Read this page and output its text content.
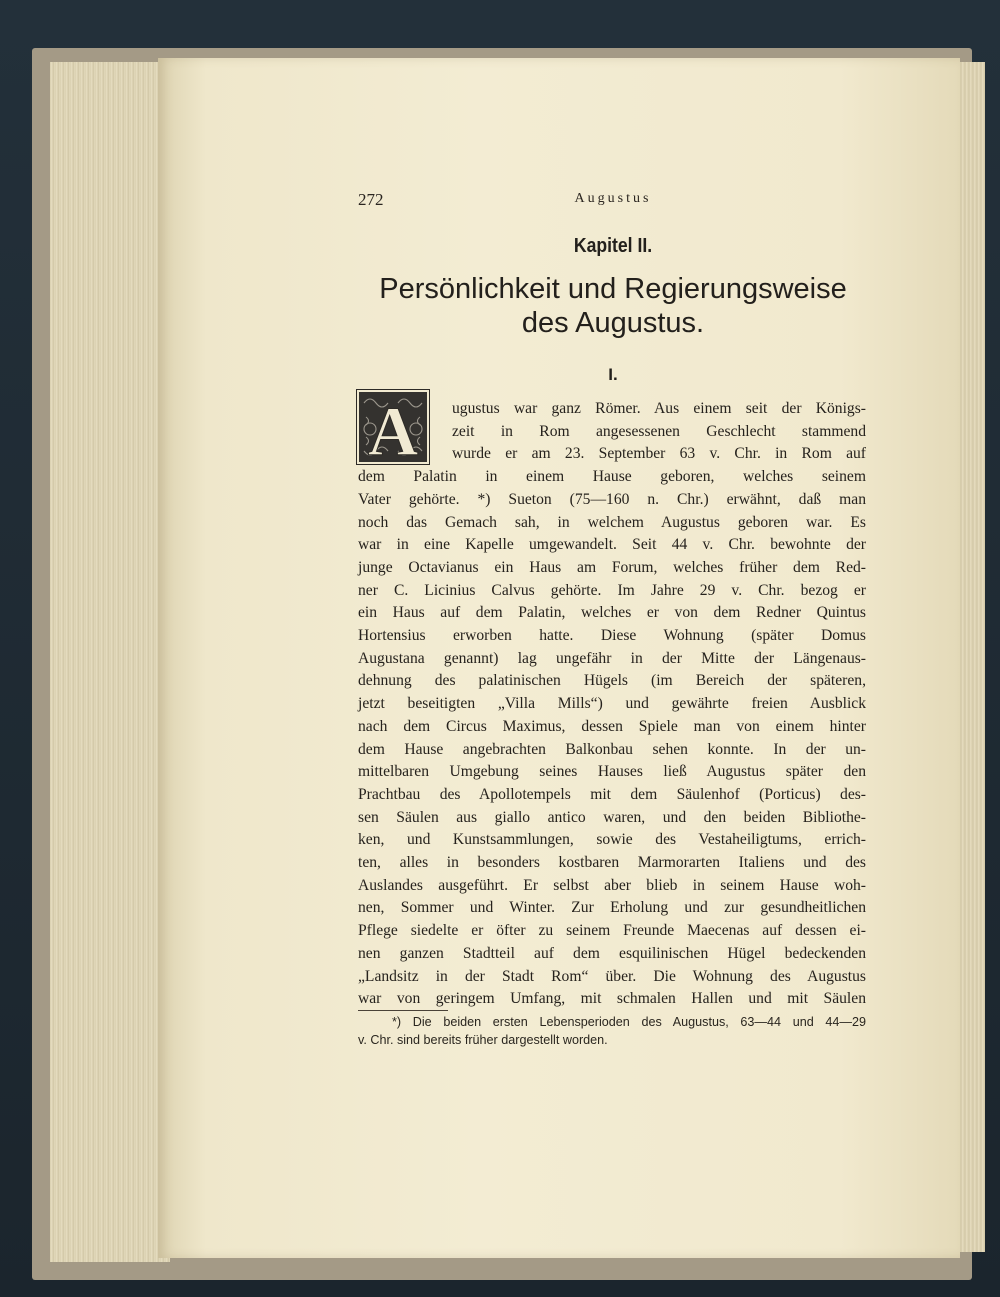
272	Augustus
Kapitel II.
Persönlichkeit und Regierungsweise
des Augustus.
I.
A ugustus war ganz Römer. Aus einem seit der Königs-
zeit in Rom angesessenen Geschlecht stammend
wurde er am 23. September 63 v. Chr. in Rom auf
dem Palatin in einem Hause geboren, welches seinem
Vater gehörte. *) Sueton (75—160 n. Chr.) erwähnt, daß man
noch das Gemach sah, in welchem Augustus geboren war. Es
war in eine Kapelle umgewandelt. Seit 44 v. Chr. bewohnte der
junge Octavianus ein Haus am Forum, welches früher dem Red-
ner C. Licinius Calvus gehörte. Im Jahre 29 v. Chr. bezog er
ein Haus auf dem Palatin, welches er von dem Redner Quintus
Hortensius erworben hatte. Diese Wohnung (später Domus
Augustana genannt) lag ungefähr in der Mitte der Längenaus-
dehnung des palatinischen Hügels (im Bereich der späteren,
jetzt beseitigten „Villa Mills“) und gewährte freien Ausblick
nach dem Circus Maximus, dessen Spiele man von einem hinter
dem Hause angebrachten Balkonbau sehen konnte. In der un-
mittelbaren Umgebung seines Hauses ließ Augustus später den
Prachtbau des Apollotempels mit dem Säulenhof (Porticus) des-
sen Säulen aus giallo antico waren, und den beiden Bibliothe-
ken, und Kunstsammlungen, sowie des Vestaheiligtums, errich-
ten, alles in besonders kostbaren Marmorarten Italiens und des
Auslandes ausgeführt. Er selbst aber blieb in seinem Hause woh-
nen, Sommer und Winter. Zur Erholung und zur gesundheitlichen
Pflege siedelte er öfter zu seinem Freunde Maecenas auf dessen ei-
nen ganzen Stadtteil auf dem esquilinischen Hügel bedeckenden
„Landsitz in der Stadt Rom“ über. Die Wohnung des Augustus
war von geringem Umfang, mit schmalen Hallen und mit Säulen
*) Die beiden ersten Lebensperioden des Augustus, 63—44 und 44—29
v. Chr. sind bereits früher dargestellt worden.
